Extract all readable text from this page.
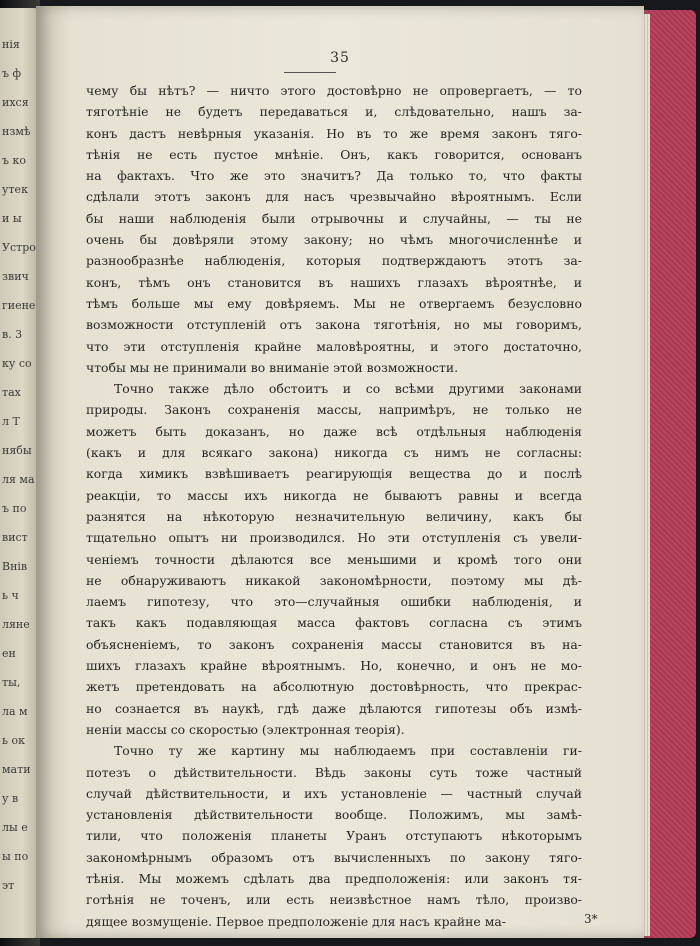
нія
ъ ф
ихся
нзмѣ
ъ ко
утек
и ы
Устро
звич
гиене
в. 3
ку со
тах
л Т
нябы
ля ма
ъ по
вист
Внів
ь ч
ляне
ен
ты,
ла м
ь ок
мати
у в
лы е
ы по
эт
35
чему бы нѣтъ? — ничто этого достовѣрно не опровергаетъ, — то
тяготѣніе не будетъ передаваться и, слѣдовательно, нашъ за-
конъ дастъ невѣрныя указанія. Но въ то же время законъ тяго-
тѣнія не есть пустое мнѣніе. Онъ, какъ говорится, основанъ
на фактахъ. Что же это значитъ? Да только то, что факты
сдѣлали этотъ законъ для насъ чрезвычайно вѣроятнымъ. Если
бы наши наблюденія были отрывочны и случайны, — ты не
очень бы довѣряли этому закону; но чѣмъ многочисленнѣе и
разнообразнѣе наблюденія, которыя подтверждаютъ этотъ за-
конъ, тѣмъ онъ становится въ нашихъ глазахъ вѣроятнѣе, и
тѣмъ больше мы ему довѣряемъ. Мы не отвергаемъ безусловно
возможности отступленій отъ закона тяготѣнія, но мы говоримъ,
что эти отступленія крайне маловѣроятны, и этого достаточно,
чтобы мы не принимали во вниманіе этой возможности.
Точно также дѣло обстоитъ и со всѣми другими законами
природы. Законъ сохраненія массы, напримѣръ, не только не
можетъ быть доказанъ, но даже всѣ отдѣльныя наблюденія
(какъ и для всякаго закона) никогда съ нимъ не согласны:
когда химикъ взвѣшиваетъ реагирующія вещества до и послѣ
реакціи, то массы ихъ никогда не бываютъ равны и всегда
разнятся на нѣкоторую незначительную величину, какъ бы
тщательно опытъ ни производился. Но эти отступленія съ увели-
ченіемъ точности дѣлаются все меньшими и кромѣ того они
не обнаруживаютъ никакой закономѣрности, поэтому мы дѣ-
лаемъ гипотезу, что это—случайныя ошибки наблюденія, и
такъ какъ подавляющая масса фактовъ согласна съ этимъ
объясненіемъ, то законъ сохраненія массы становится въ на-
шихъ глазахъ крайне вѣроятнымъ. Но, конечно, и онъ не мо-
жетъ претендовать на абсолютную достовѣрность, что прекрас-
но сознается въ наукѣ, гдѣ даже дѣлаются гипотезы объ измѣ-
неніи массы со скоростью (электронная теорія).
Точно ту же картину мы наблюдаемъ при составленіи ги-
потезъ о дѣйствительности. Вѣдь законы суть тоже частный
случай дѣйствительности, и ихъ установленіе — частный случай
установленія дѣйствительности вообще. Положимъ, мы замѣ-
тили, что положенія планеты Уранъ отступаютъ нѣкоторымъ
закономѣрнымъ образомъ отъ вычисленныхъ по закону тяго-
тѣнія. Мы можемъ сдѣлать два предположенія: или законъ тя-
готѣнія не точенъ, или есть неизвѣстное намъ тѣло, произво-
дящее возмущеніе. Первое предположеніе для насъ крайне ма-	3*
